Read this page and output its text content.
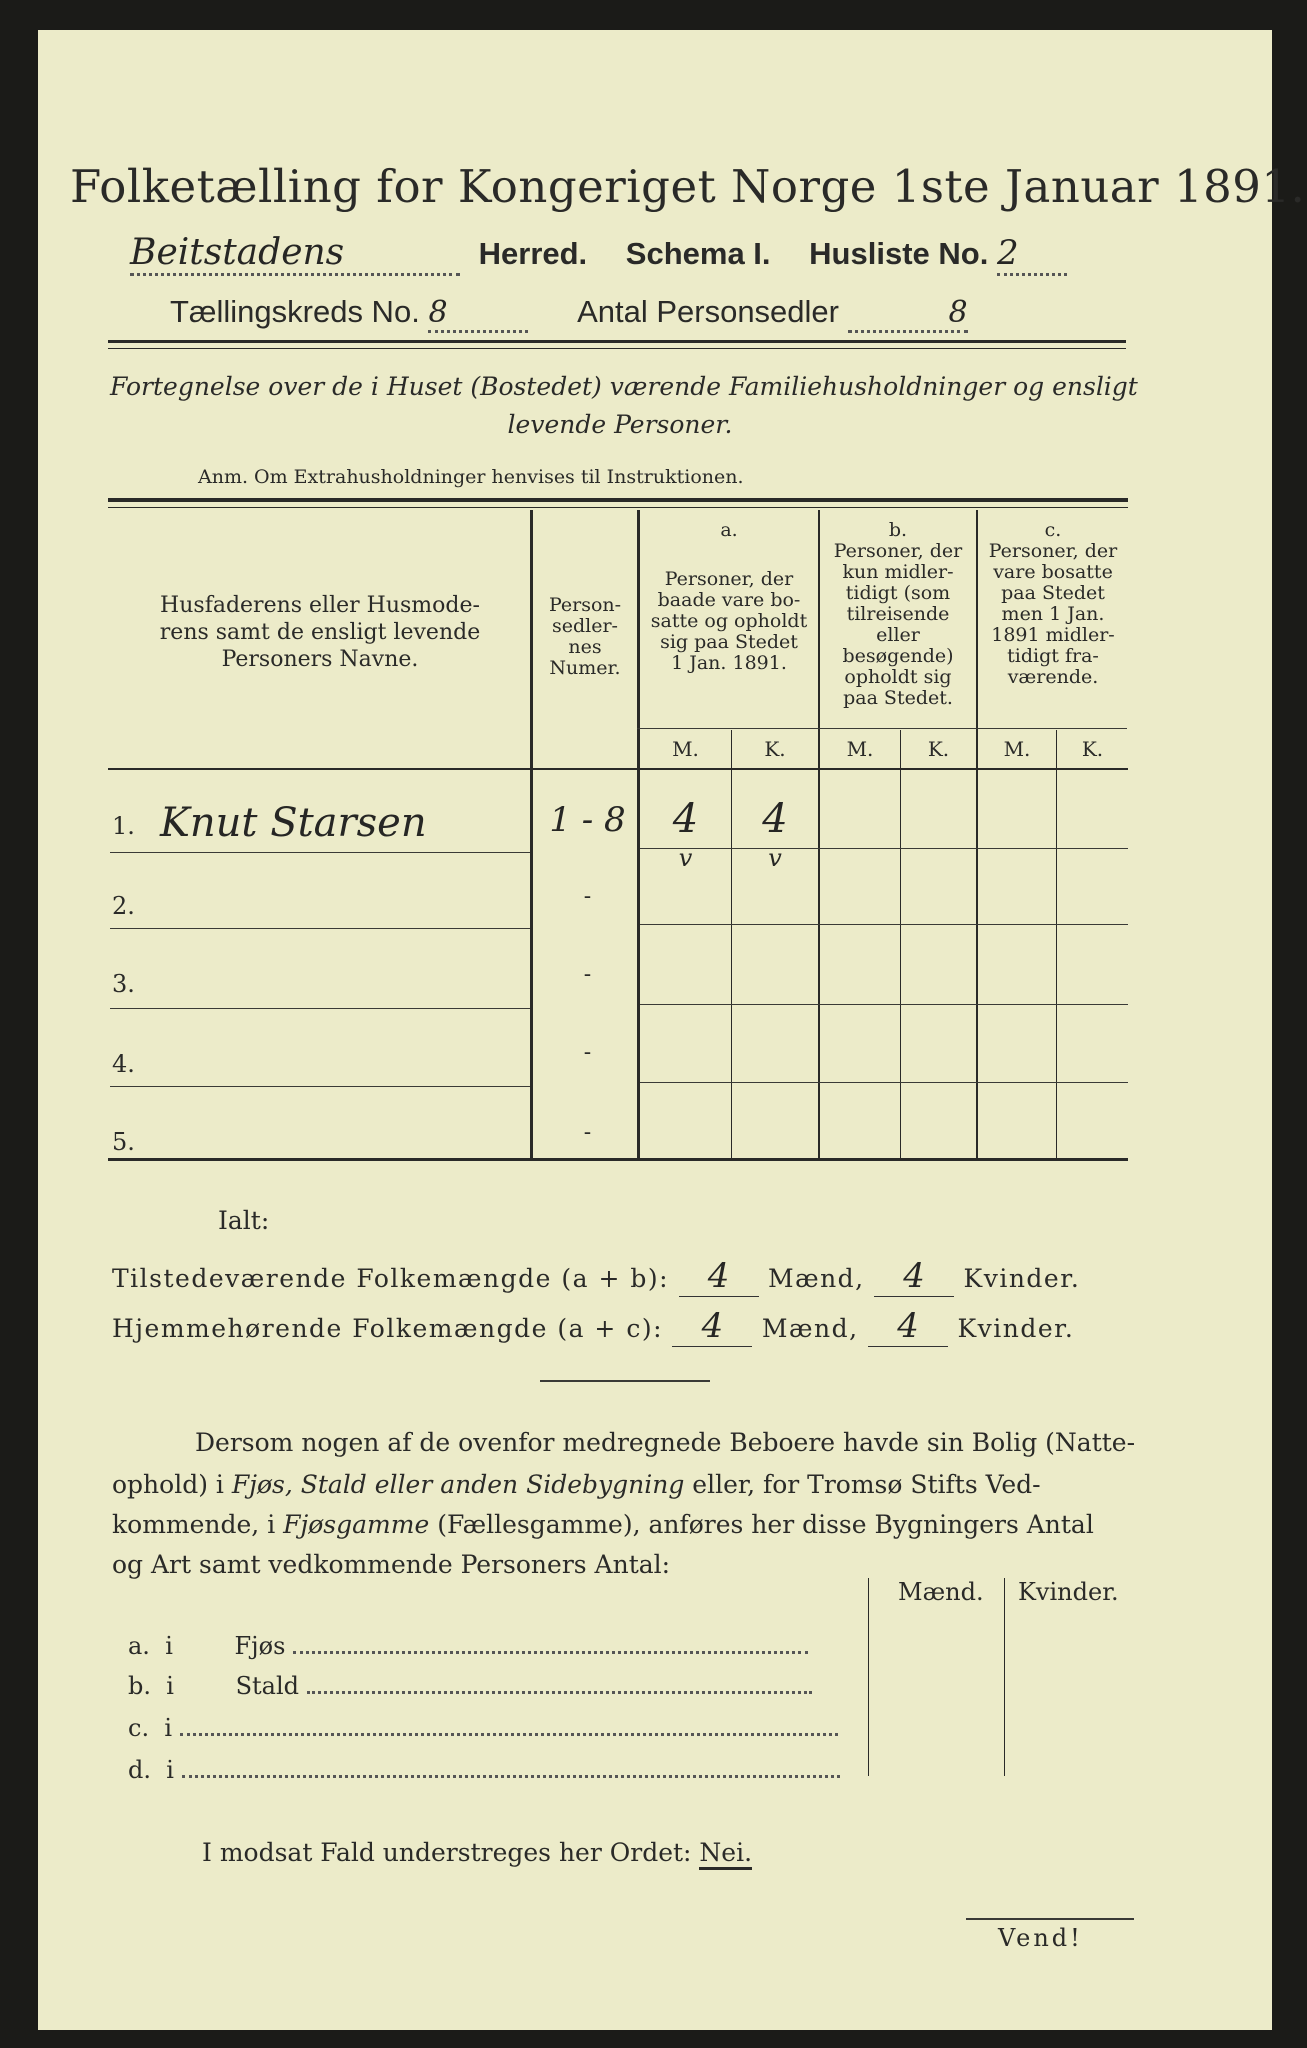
Folketælling for Kongeriget Norge 1ste Januar 1891.
Beitstadens	Herred. Schema I. Husliste No. 2
Tællingskreds No. 8	Antal Personsedler	8
Fortegnelse over de i Huset (Bostedet) værende Familiehusholdninger og ensligt
levende Personer.
Anm. Om Extrahusholdninger henvises til Instruktionen.
Husfaderens eller Husmode-
rens samt de ensligt levende
Personers Navne.
Person-
sedler-
nes
Numer.
a.
Personer, der
baade vare bo-
satte og opholdt
sig paa Stedet
1 Jan. 1891.
b.
Personer, der
kun midler-
tidigt (som
tilreisende
eller
besøgende)
opholdt sig
paa Stedet.
c.
Personer, der
vare bosatte
paa Stedet
men 1 Jan.
1891 midler-
tidigt fra-
værende.
M.	K.	M.	K.	M.	K.
1. Knut Starsen	1 - 8	4	4
v	v
2.	-
3.	-
4.	-
5.	-
Ialt:
Tilstedeværende Folkemængde (a + b): 4 Mænd, 4 Kvinder.
Hjemmehørende Folkemængde (a + c): 4 Mænd, 4 Kvinder.
Dersom nogen af de ovenfor medregnede Beboere havde sin Bolig (Natte-
ophold) i Fjøs, Stald eller anden Sidebygning eller, for Tromsø Stifts Ved-
kommende, i Fjøsgamme (Fællesgamme), anføres her disse Bygningers Antal
og Art samt vedkommende Personers Antal:
Mænd. Kvinder.
a. i	Fjøs
b. i	Stald
c. i
d. i
I modsat Fald understreges her Ordet: Nei.
Vend!
